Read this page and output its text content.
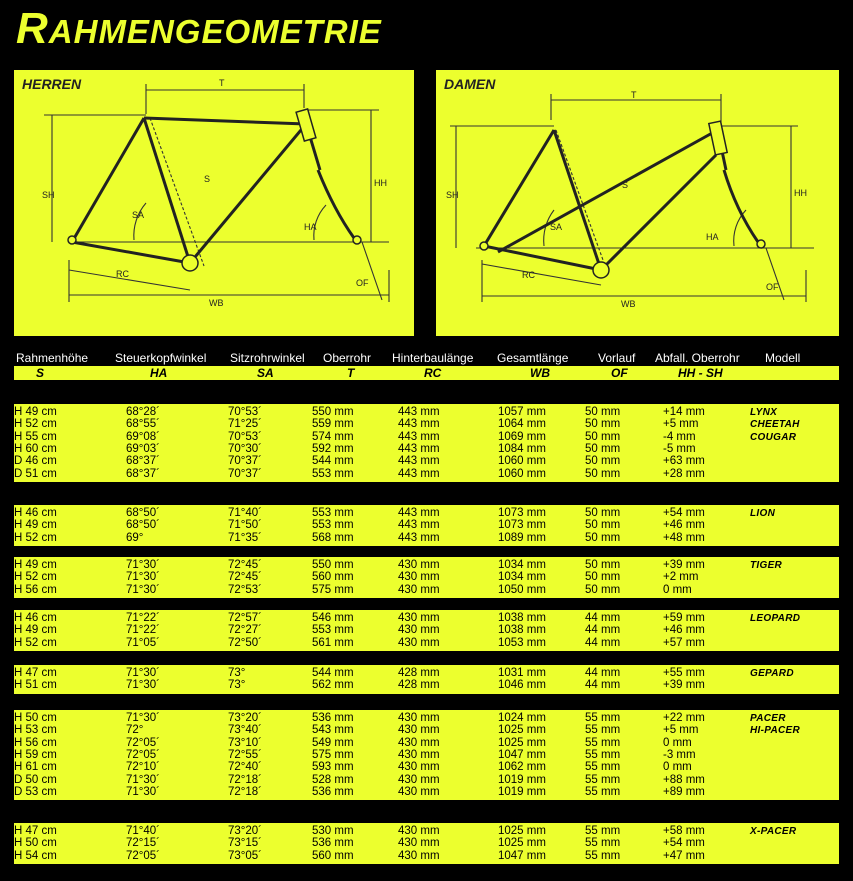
RAHMENGEOMETRIE
HERREN	T
S
SH
HH
SA
HA
RC
WB
OF
DAMEN
T
S
SH	HH
SA
HA
RC
WB
OF
Rahmenhöhe Steuerkopfwinkel Sitzrohrwinkel Oberrohr Hinterbaulänge Gesamtlänge Vorlauf Abfall. Oberrohr Modell
S	HA	SA	T	RC	WB	OF	HH - SH
H 49 cm	68°28´	70°53´	550 mm	443 mm	1057 mm	50 mm	+14 mm	LYNX
H 52 cm	68°55´	71°25´	559 mm	443 mm	1064 mm	50 mm	+5 mm	CHEETAH
H 55 cm	69°08´	70°53´	574 mm	443 mm	1069 mm	50 mm	-4 mm	COUGAR
H 60 cm	69°03´	70°30´	592 mm	443 mm	1084 mm	50 mm	-5 mm
D 46 cm	68°37´	70°37´	544 mm	443 mm	1060 mm	50 mm	+63 mm
D 51 cm	68°37´	70°37´	553 mm	443 mm	1060 mm	50 mm	+28 mm
H 46 cm	68°50´	71°40´	553 mm	443 mm	1073 mm	50 mm	+54 mm	LION
H 49 cm	68°50´	71°50´	553 mm	443 mm	1073 mm	50 mm	+46 mm
H 52 cm	69°	71°35´	568 mm	443 mm	1089 mm	50 mm	+48 mm
H 49 cm	71°30´	72°45´	550 mm	430 mm	1034 mm	50 mm	+39 mm	TIGER
H 52 cm	71°30´	72°45´	560 mm	430 mm	1034 mm	50 mm	+2 mm
H 56 cm	71°30´	72°53´	575 mm	430 mm	1050 mm	50 mm	0 mm
H 46 cm	71°22´	72°57´	546 mm	430 mm	1038 mm	44 mm	+59 mm	LEOPARD
H 49 cm	71°22´	72°27´	553 mm	430 mm	1038 mm	44 mm	+46 mm
H 52 cm	71°05´	72°50´	561 mm	430 mm	1053 mm	44 mm	+57 mm
H 47 cm	71°30´	73°	544 mm	428 mm	1031 mm	44 mm	+55 mm	GEPARD
H 51 cm	71°30´	73°	562 mm	428 mm	1046 mm	44 mm	+39 mm
H 50 cm	71°30´	73°20´	536 mm	430 mm	1024 mm	55 mm	+22 mm	PACER
H 53 cm	72°	73°40´	543 mm	430 mm	1025 mm	55 mm	+5 mm	HI-PACER
H 56 cm	72°05´	73°10´	549 mm	430 mm	1025 mm	55 mm	0 mm
H 59 cm	72°05´	72°55´	575 mm	430 mm	1047 mm	55 mm	-3 mm
H 61 cm	72°10´	72°40´	593 mm	430 mm	1062 mm	55 mm	0 mm
D 50 cm	71°30´	72°18´	528 mm	430 mm	1019 mm	55 mm	+88 mm
D 53 cm	71°30´	72°18´	536 mm	430 mm	1019 mm	55 mm	+89 mm
H 47 cm	71°40´	73°20´	530 mm	430 mm	1025 mm	55 mm	+58 mm	X-PACER
H 50 cm	72°15´	73°15´	536 mm	430 mm	1025 mm	55 mm	+54 mm
H 54 cm	72°05´	73°05´	560 mm	430 mm	1047 mm	55 mm	+47 mm
